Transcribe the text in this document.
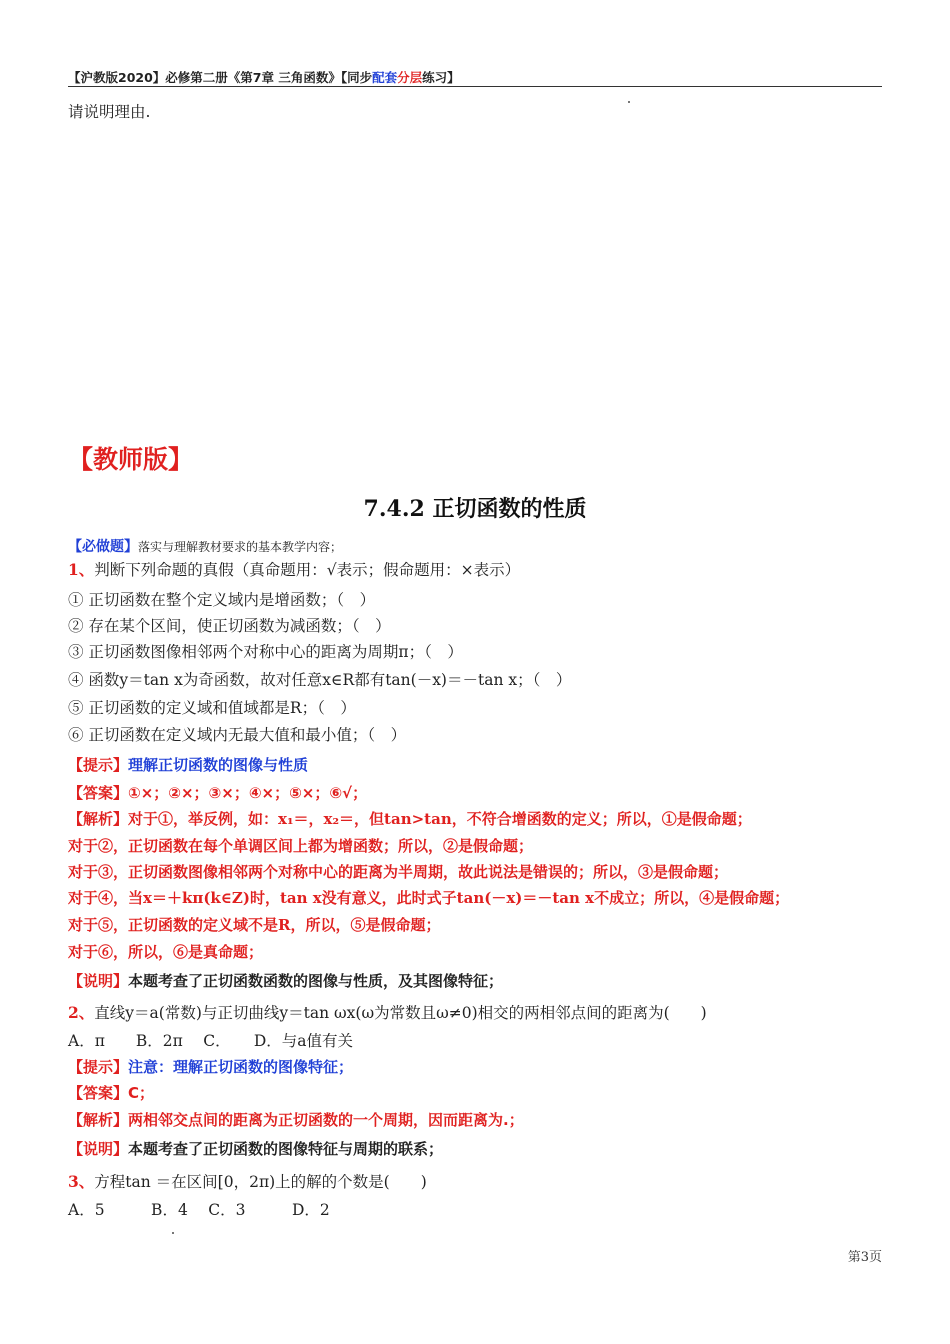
【沪教版2020】必修第二册《第7章 三角函数》【同步配套分层练习】
请说明理由.
【教师版】
7.4.2 正切函数的性质
【必做题】落实与理解教材要求的基本教学内容；
1、判断下列命题的真假（真命题用：√表示；假命题用：×表示）
① 正切函数在整个定义域内是增函数；（　）
② 存在某个区间，使正切函数为减函数；（　）
③ 正切函数图像相邻两个对称中心的距离为周期π；（　）
④ 函数y＝tan x为奇函数，故对任意x∈R都有tan(－x)＝－tan x；（　）
⑤ 正切函数的定义域和值域都是R；（　）
⑥ 正切函数在定义域内无最大值和最小值；（　）
【提示】理解正切函数的图像与性质
【答案】①×；②×；③×；④×；⑤×；⑥√；
【解析】对于①，举反例，如：x₁＝，x₂＝，但tan>tan，不符合增函数的定义；所以，①是假命题；
对于②，正切函数在每个单调区间上都为增函数；所以，②是假命题；
对于③，正切函数图像相邻两个对称中心的距离为半周期，故此说法是错误的；所以，③是假命题；
对于④，当x＝＋kπ(k∈Z)时，tan x没有意义，此时式子tan(－x)＝－tan x不成立；所以，④是假命题；
对于⑤，正切函数的定义域不是R，所以，⑤是假命题；
对于⑥，所以，⑥是真命题；
【说明】本题考查了正切函数函数的图像与性质，及其图像特征；
2、直线y＝a(常数)与正切曲线y＝tan ωx(ω为常数且ω≠0)相交的两相邻点间的距离为(　　)
A．π　　B．2π　 C．　　D．与a值有关
【提示】注意：理解正切函数的图像特征；
【答案】C；
【解析】两相邻交点间的距离为正切函数的一个周期，因而距离为.；
【说明】本题考查了正切函数的图像特征与周期的联系；
3、方程tan ＝在区间[0，2π)上的解的个数是(　　)
A．5　　　B．4　 C．3　　　D．2
第3页
